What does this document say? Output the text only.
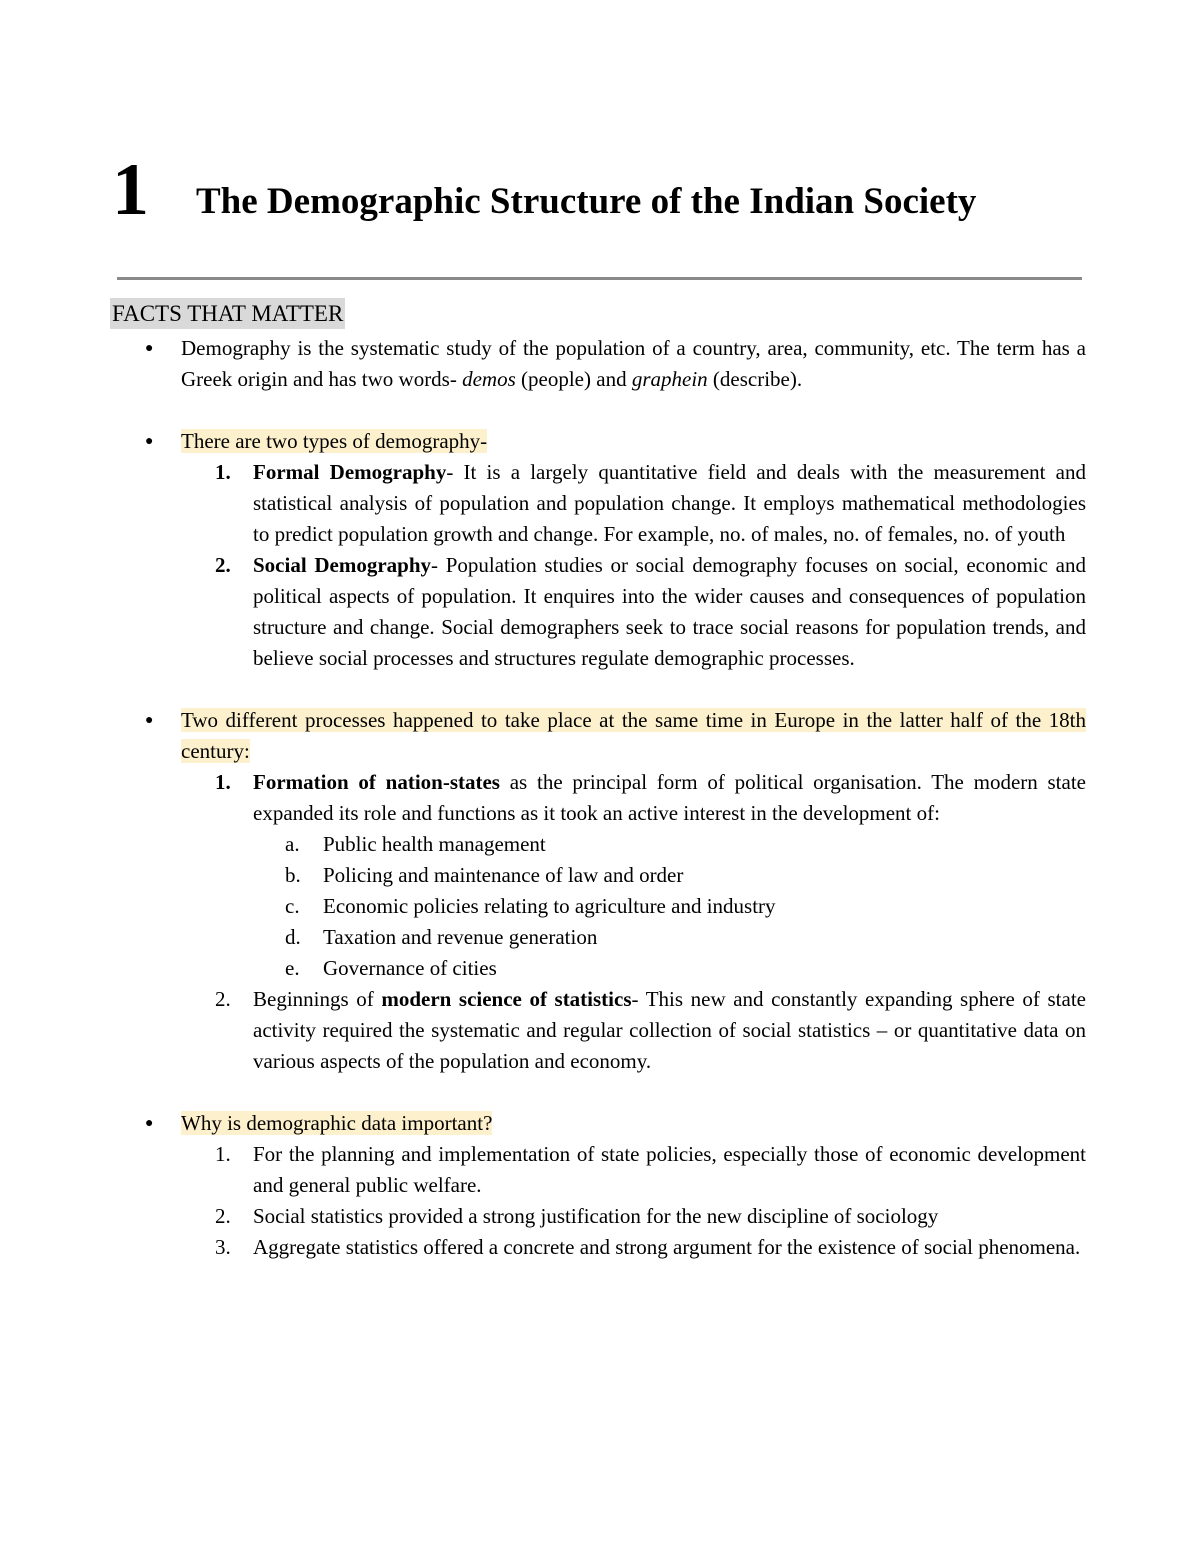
1 The Demographic Structure of the Indian Society
FACTS THAT MATTER
● Demography is the systematic study of the population of a country, area, community, etc. The term has a Greek origin and has two words- demos (people) and graphein (describe).
● There are two types of demography-
1. Formal Demography- It is a largely quantitative field and deals with the measurement and statistical analysis of population and population change. It employs mathematical methodologies to predict population growth and change. For example, no. of males, no. of females, no. of youth
2. Social Demography- Population studies or social demography focuses on social, economic and political aspects of population. It enquires into the wider causes and consequences of population structure and change. Social demographers seek to trace social reasons for population trends, and believe social processes and structures regulate demographic processes.
● Two different processes happened to take place at the same time in Europe in the latter half of the 18th century:
1. Formation of nation-states as the principal form of political organisation. The modern state expanded its role and functions as it took an active interest in the development of:
a. Public health management
b. Policing and maintenance of law and order
c. Economic policies relating to agriculture and industry
d. Taxation and revenue generation
e. Governance of cities
2. Beginnings of modern science of statistics- This new and constantly expanding sphere of state activity required the systematic and regular collection of social statistics – or quantitative data on various aspects of the population and economy.
● Why is demographic data important?
1. For the planning and implementation of state policies, especially those of economic development and general public welfare.
2. Social statistics provided a strong justification for the new discipline of sociology
3. Aggregate statistics offered a concrete and strong argument for the existence of social phenomena.
